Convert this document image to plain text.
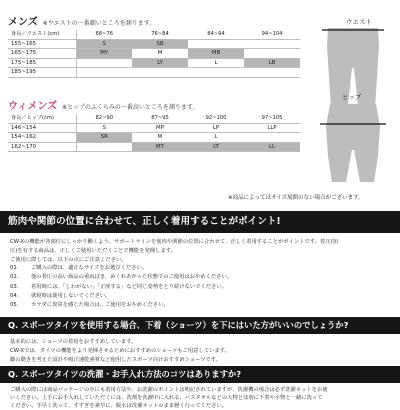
メンズ ※ウエストの一番細いところを測ります。
身長／ウエスト(cm)	68~76	76~84	84~94	94~104
155~165	S	SB		
165~175	MY	M	MB	
175~185		LY	L	LB
185~195				
ウエスト
ウィメンズ ※ヒップのふくらみの一番高いところを測ります。
身長／ヒップ(cm)	82~90	87~95	92~100	97~105
146~154	S	MP	LP	LLP
154~162	SR	M	L	
162~170		MT	LT	LL
ヒップ
※商品によってはサイズ展開のない場合がございます。
筋肉や関節の位置に合わせて、正しく着用することがポイント!
CW-Xの機能が各部位にしっかり働くよう、サポートラインを筋肉や関節の位置に合わせて、正しく着用することがポイントです。着圧(加
圧)を有する商品は、正しくご使用いただくことで機能を発揮します。
ご使用に際しては、以下の点にご注意ください。
01. ご購入の際は、適正なサイズをお選びください。
02. 他の着圧の高い商品の重ねばき、めくれあがった状態でのご使用はおやめください。
03. 着用時には、「しわがない」「正座する」など同じ姿勢をとり続けないでください。
04. 就寝時は使用しないでください。
05. カラダに異常を感じた場合は、ご使用をおやめください。
Q. スポーツタイツを使用する場合、下着（ショーツ）を下にはいた方がいいのでしょうか?
基本的には、ショーツの着用をおすすめしています。
CW-Xでは、タイツの機能をより発揮させるためにおすすめのショーツもご用意しています。
脚の動きを考えた設計や吸汗速乾素材など使用したスポーツ向けおすすめショーツです。
Q. スポーツタイツの洗濯・お手入れ方法のコツはありますか?
ご購入の際には商品パッケージの中にも着用方法や、お洗濯のポイントは明記されていますが、洗濯機の場合は必ず洗濯ネットをお使
いください。上手にお手入れしていただくには、洗剤を洗濯中に入れる、バスタオルなどの大物とは別に下着や小物と一緒に洗って
ください。手早く洗って、すすぎを素早に、脱水は洗濯ネットのまま軽く行ってください。
